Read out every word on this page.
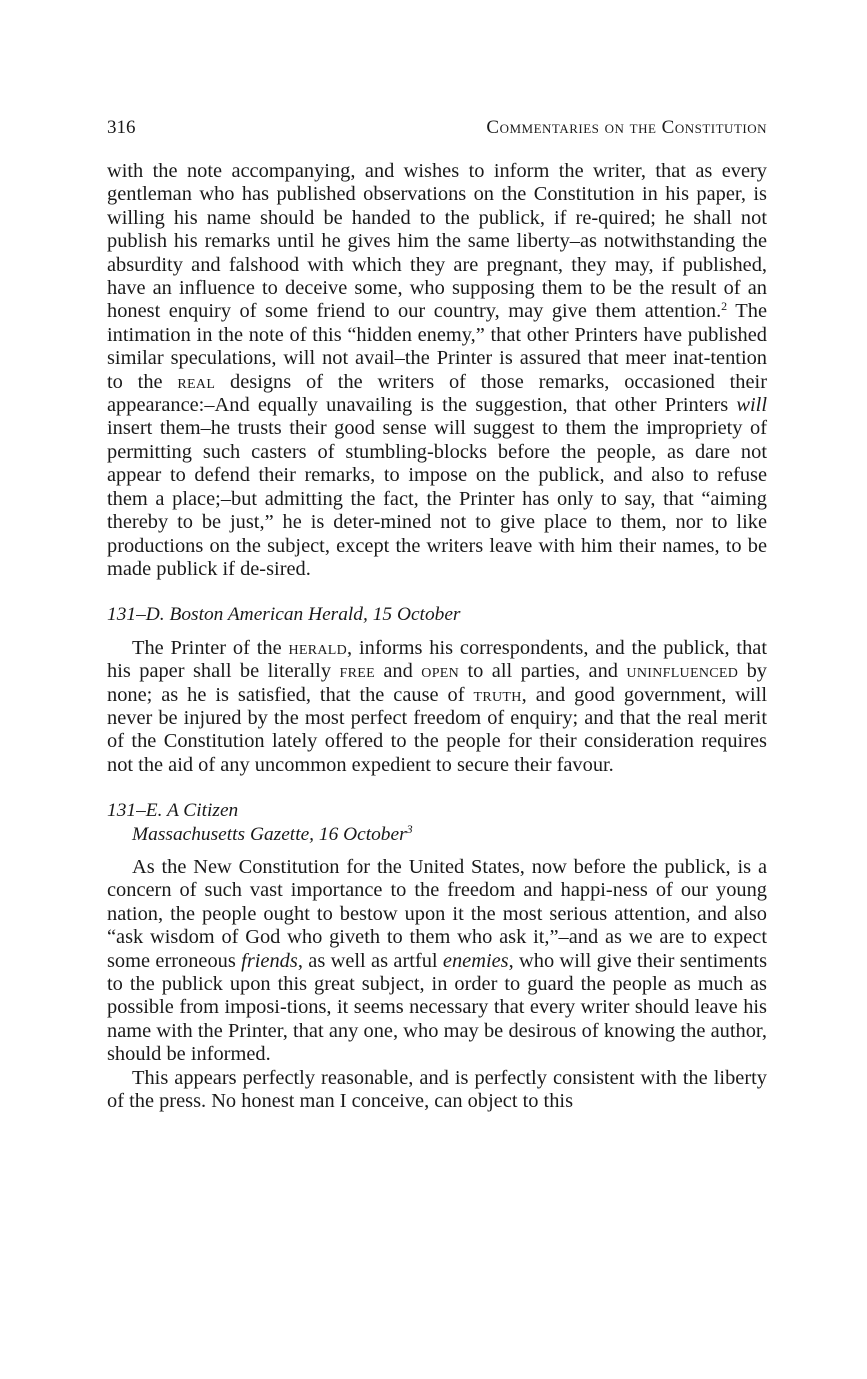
316	Commentaries on the Constitution

with the note accompanying, and wishes to inform the writer, that as every gentleman who has published observations on the Constitution in his paper, is willing his name should be handed to the publick, if re-quired; he shall not publish his remarks until he gives him the same liberty–as notwithstanding the absurdity and falshood with which they are pregnant, they may, if published, have an influence to deceive some, who supposing them to be the result of an honest enquiry of some friend to our country, may give them attention.$^2$ The intimation in the note of this “hidden enemy,” that other Printers have published similar speculations, will not avail–the Printer is assured that meer inat-tention to the real designs of the writers of those remarks, occasioned their appearance:–And equally unavailing is the suggestion, that other Printers will insert them–he trusts their good sense will suggest to them the impropriety of permitting such casters of stumbling-blocks before the people, as dare not appear to defend their remarks, to impose on the publick, and also to refuse them a place;–but admitting the fact, the Printer has only to say, that “aiming thereby to be just,” he is deter-mined not to give place to them, nor to like productions on the subject, except the writers leave with him their names, to be made publick if de-sired.

131–D. Boston American Herald, 15 October

The Printer of the herald, informs his correspondents, and the publick, that his paper shall be literally free and open to all parties, and uninfluenced by none; as he is satisfied, that the cause of truth, and good government, will never be injured by the most perfect freedom of enquiry; and that the real merit of the Constitution lately offered to the people for their consideration requires not the aid of any uncommon expedient to secure their favour.

131–E. A Citizen
Massachusetts Gazette, 16 October$^3$

As the New Constitution for the United States, now before the publick, is a concern of such vast importance to the freedom and happi-ness of our young nation, the people ought to bestow upon it the most serious attention, and also “ask wisdom of God who giveth to them who ask it,”–and as we are to expect some erroneous friends, as well as artful enemies, who will give their sentiments to the publick upon this great subject, in order to guard the people as much as possible from imposi-tions, it seems necessary that every writer should leave his name with the Printer, that any one, who may be desirous of knowing the author, should be informed.

This appears perfectly reasonable, and is perfectly consistent with the liberty of the press. No honest man I conceive, can object to this
